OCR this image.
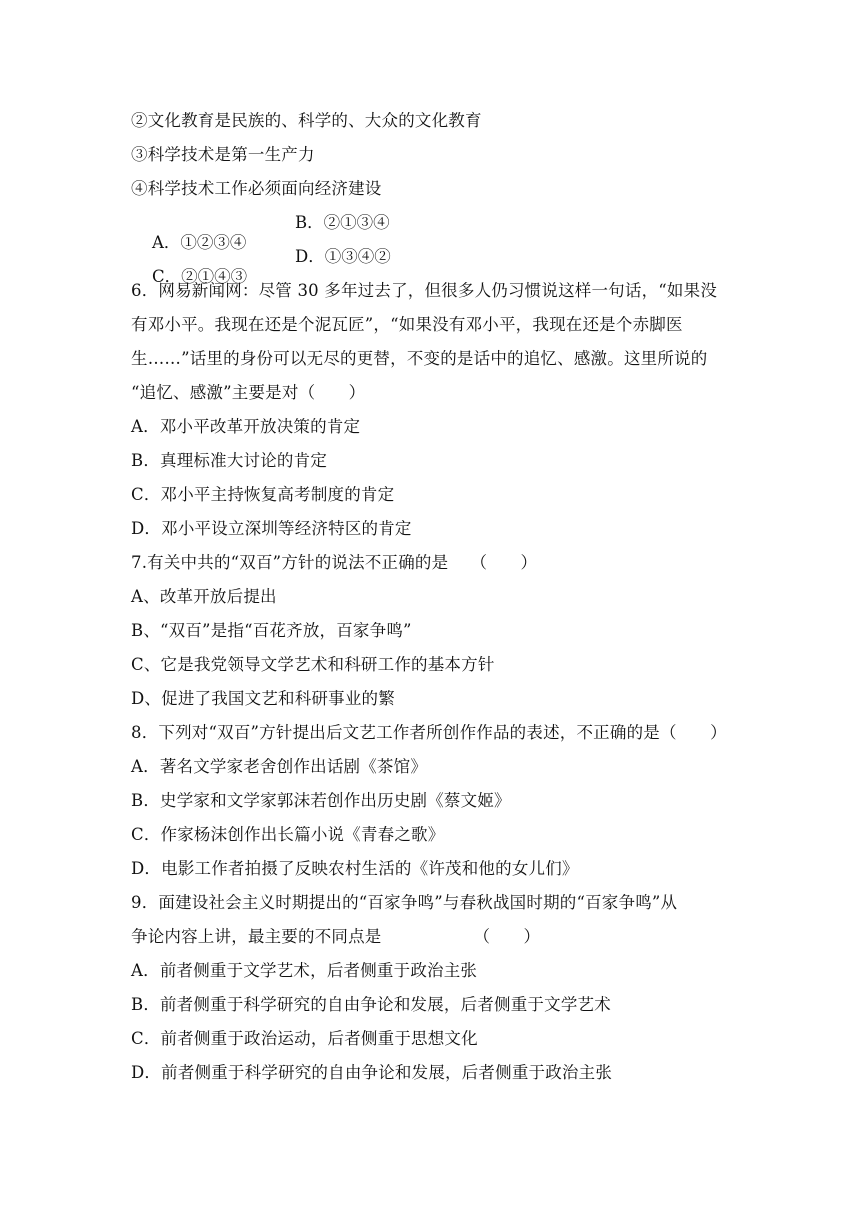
②文化教育是民族的、科学的、大众的文化教育
③科学技术是第一生产力
④科学技术工作必须面向经济建设

A．①②③④

B．②①③④

C．②①④③

D．①③④②

6．网易新闻网：尽管 30 多年过去了，但很多人仍习惯说这样一句话，“如果没
有邓小平。我现在还是个泥瓦匠”，“如果没有邓小平，我现在还是个赤脚医
生……”话里的身份可以无尽的更替，不变的是话中的追忆、感激。这里所说的
“追忆、感激”主要是对（　　）
A．邓小平改革开放决策的肯定
B．真理标准大讨论的肯定
C．邓小平主持恢复高考制度的肯定
D．邓小平设立深圳等经济特区的肯定
7.有关中共的“双百”方针的说法不正确的是　 （　　）
A、改革开放后提出
B、“双百”是指“百花齐放，百家争鸣”
C、它是我党领导文学艺术和科研工作的基本方针
D、促进了我国文艺和科研事业的繁
8．下列对“双百”方针提出后文艺工作者所创作作品的表述，不正确的是（　　）
A．著名文学家老舍创作出话剧《茶馆》
B．史学家和文学家郭沫若创作出历史剧《蔡文姬》
C．作家杨沫创作出长篇小说《青春之歌》
D．电影工作者拍摄了反映农村生活的《许茂和他的女儿们》
9．面建设社会主义时期提出的“百家争鸣”与春秋战国时期的“百家争鸣”从
争论内容上讲，最主要的不同点是　　　　　　（　　）
A．前者侧重于文学艺术，后者侧重于政治主张
B．前者侧重于科学研究的自由争论和发展，后者侧重于文学艺术
C．前者侧重于政治运动，后者侧重于思想文化
D．前者侧重于科学研究的自由争论和发展，后者侧重于政治主张
